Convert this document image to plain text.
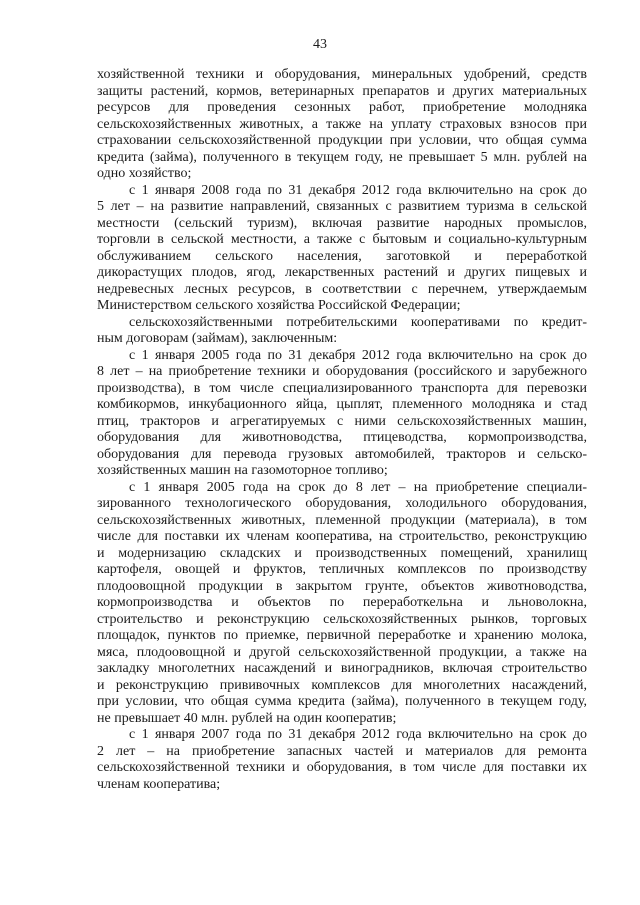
43
хозяйственной техники и оборудования, минеральных удобрений, средств
защиты растений, кормов, ветеринарных препаратов и других материальных
ресурсов для проведения сезонных работ, приобретение молодняка
сельскохозяйственных животных, а также на уплату страховых взносов при
страховании сельскохозяйственной продукции при условии, что общая сумма
кредита (займа), полученного в текущем году, не превышает 5 млн. рублей на
одно хозяйство;
с 1 января 2008 года по 31 декабря 2012 года включительно на срок до
5 лет – на развитие направлений, связанных с развитием туризма в сельской
местности (сельский туризм), включая развитие народных промыслов,
торговли в сельской местности, а также с бытовым и социально-культурным
обслуживанием сельского населения, заготовкой и переработкой
дикорастущих плодов, ягод, лекарственных растений и других пищевых и
недревесных лесных ресурсов, в соответствии с перечнем, утверждаемым
Министерством сельского хозяйства Российской Федерации;
сельскохозяйственными потребительскими кооперативами по кредит-
ным договорам (займам), заключенным:
с 1 января 2005 года по 31 декабря 2012 года включительно на срок до
8 лет – на приобретение техники и оборудования (российского и зарубежного
производства), в том числе специализированного транспорта для перевозки
комбикормов, инкубационного яйца, цыплят, племенного молодняка и стад
птиц, тракторов и агрегатируемых с ними сельскохозяйственных машин,
оборудования для животноводства, птицеводства, кормопроизводства,
оборудования для перевода грузовых автомобилей, тракторов и сельско-
хозяйственных машин на газомоторное топливо;
с 1 января 2005 года на срок до 8 лет – на приобретение специали-
зированного технологического оборудования, холодильного оборудования,
сельскохозяйственных животных, племенной продукции (материала), в том
числе для поставки их членам кооператива, на строительство, реконструкцию
и модернизацию складских и производственных помещений, хранилищ
картофеля, овощей и фруктов, тепличных комплексов по производству
плодоовощной продукции в закрытом грунте, объектов животноводства,
кормопроизводства и объектов по переработкельна и льноволокна,
строительство и реконструкцию сельскохозяйственных рынков, торговых
площадок, пунктов по приемке, первичной переработке и хранению молока,
мяса, плодоовощной и другой сельскохозяйственной продукции, а также на
закладку многолетних насаждений и виноградников, включая строительство
и реконструкцию прививочных комплексов для многолетних насаждений,
при условии, что общая сумма кредита (займа), полученного в текущем году,
не превышает 40 млн. рублей на один кооператив;
с 1 января 2007 года по 31 декабря 2012 года включительно на срок до
2 лет – на приобретение запасных частей и материалов для ремонта
сельскохозяйственной техники и оборудования, в том числе для поставки их
членам кооператива;
